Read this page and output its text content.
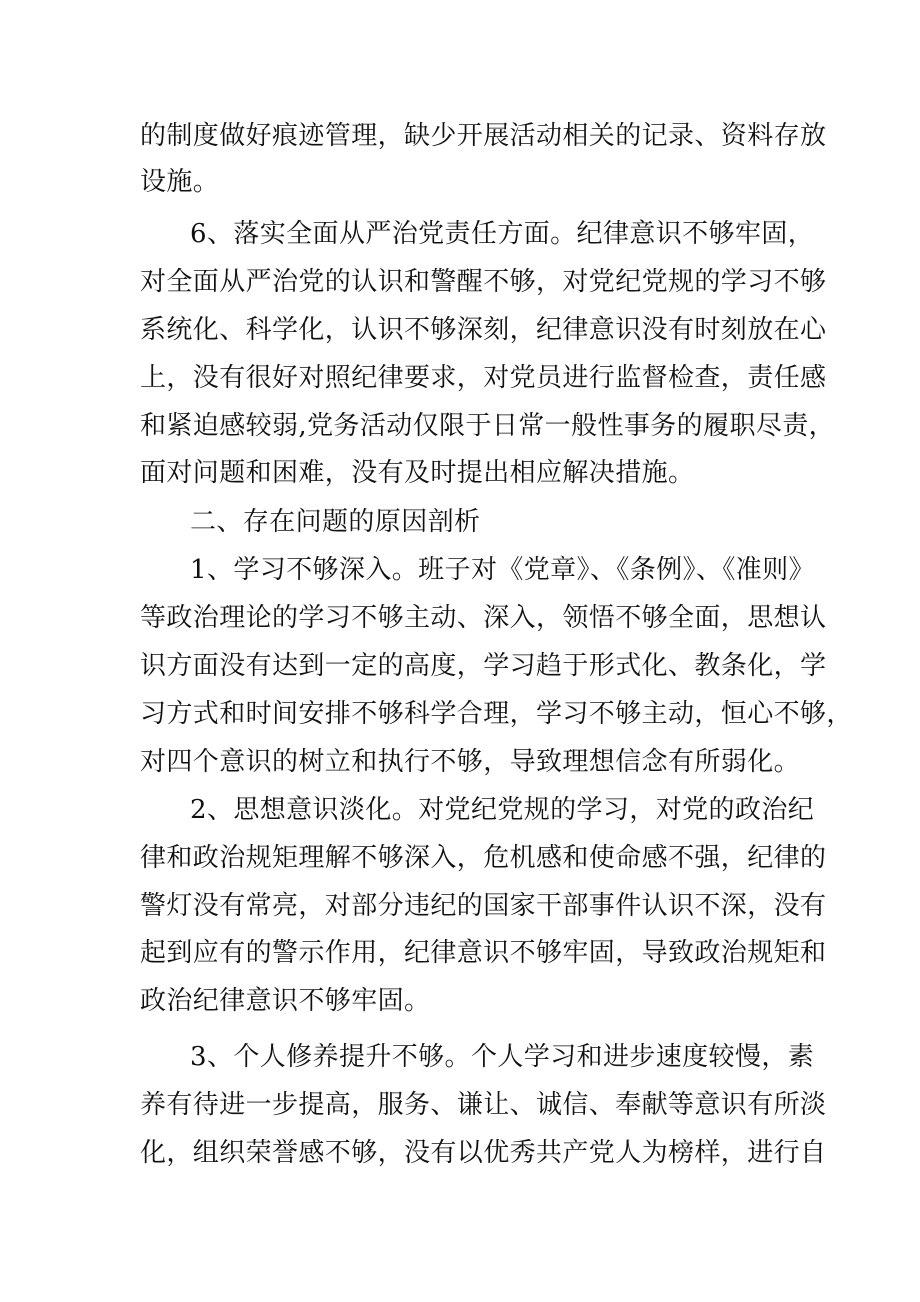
的制度做好痕迹管理，缺少开展活动相关的记录、资料存放
设施。
6、落实全面从严治党责任方面。纪律意识不够牢固，
对全面从严治党的认识和警醒不够，对党纪党规的学习不够
系统化、科学化，认识不够深刻，纪律意识没有时刻放在心
上，没有很好对照纪律要求，对党员进行监督检查，责任感
和紧迫感较弱,党务活动仅限于日常一般性事务的履职尽责，
面对问题和困难，没有及时提出相应解决措施。
二、存在问题的原因剖析
1、学习不够深入。班子对《党章》、《条例》、《准则》
等政治理论的学习不够主动、深入，领悟不够全面，思想认
识方面没有达到一定的高度，学习趋于形式化、教条化，学
习方式和时间安排不够科学合理，学习不够主动，恒心不够，
对四个意识的树立和执行不够，导致理想信念有所弱化。
2、思想意识淡化。对党纪党规的学习，对党的政治纪
律和政治规矩理解不够深入，危机感和使命感不强，纪律的
警灯没有常亮，对部分违纪的国家干部事件认识不深，没有
起到应有的警示作用，纪律意识不够牢固，导致政治规矩和
政治纪律意识不够牢固。
3、个人修养提升不够。个人学习和进步速度较慢，素
养有待进一步提高，服务、谦让、诚信、奉献等意识有所淡
化，组织荣誉感不够，没有以优秀共产党人为榜样，进行自
